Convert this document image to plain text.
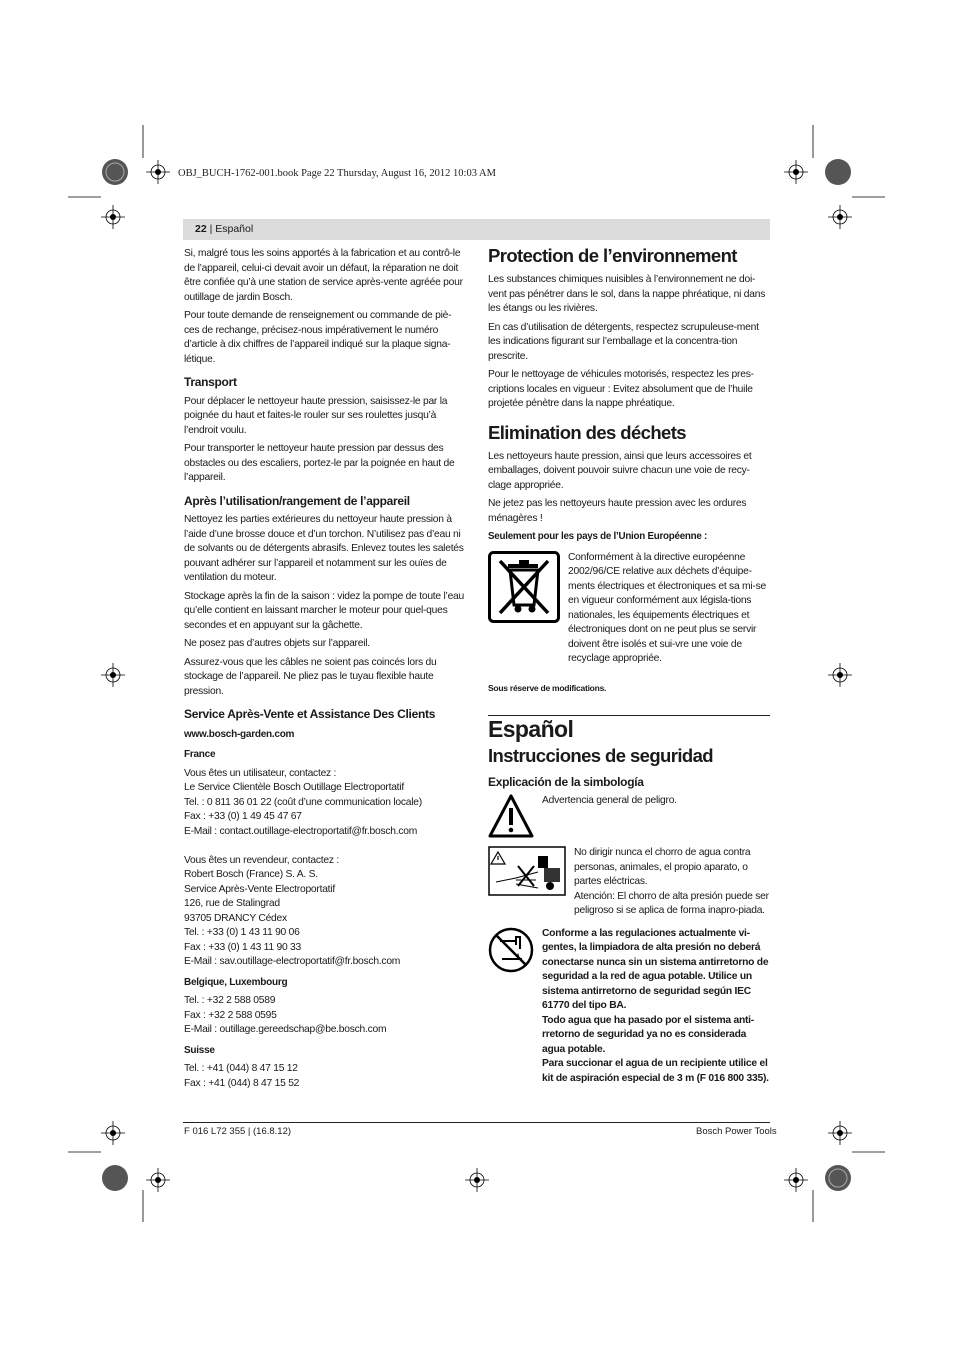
OBJ_BUCH-1762-001.book Page 22 Thursday, August 16, 2012 10:03 AM
22 | Español

Si, malgré tous les soins apportés à la fabrication et au contrô-le de l’appareil, celui-ci devait avoir un défaut, la réparation ne doit être confiée qu’à une station de service après-vente agréée pour outillage de jardin Bosch.

Pour toute demande de renseignement ou commande de piè-ces de rechange, précisez-nous impérativement le numéro d’article à dix chiffres de l’appareil indiqué sur la plaque signa-létique.

Transport

Pour déplacer le nettoyeur haute pression, saisissez-le par la poignée du haut et faites-le rouler sur ses roulettes jusqu’à l’endroit voulu.

Pour transporter le nettoyeur haute pression par dessus des obstacles ou des escaliers, portez-le par la poignée en haut de l’appareil.

Après l’utilisation/rangement de l’appareil

Nettoyez les parties extérieures du nettoyeur haute pression à l’aide d’une brosse douce et d’un torchon. N’utilisez pas d’eau ni de solvants ou de détergents abrasifs. Enlevez toutes les saletés pouvant adhérer sur l’appareil et notamment sur les ouïes de ventilation du moteur.

Stockage après la fin de la saison : videz la pompe de toute l’eau qu’elle contient en laissant marcher le moteur pour quel-ques secondes et en appuyant sur la gâchette.

Ne posez pas d’autres objets sur l’appareil.

Assurez-vous que les câbles ne soient pas coincés lors du stockage de l’appareil. Ne pliez pas le tuyau flexible haute pression.

Service Après-Vente et Assistance Des Clients
www.bosch-garden.com
France
Vous êtes un utilisateur, contactez :
Le Service Clientèle Bosch Outillage Electroportatif
Tel. : 0 811 36 01 22 (coût d’une communication locale)
Fax : +33 (0) 1 49 45 47 67
E-Mail : contact.outillage-electroportatif@fr.bosch.com
Vous êtes un revendeur, contactez :
Robert Bosch (France) S. A. S.
Service Après-Vente Electroportatif
126, rue de Stalingrad
93705 DRANCY Cédex
Tel. : +33 (0) 1 43 11 90 06
Fax : +33 (0) 1 43 11 90 33
E-Mail : sav.outillage-electroportatif@fr.bosch.com
Belgique, Luxembourg
Tel. : +32 2 588 0589
Fax : +32 2 588 0595
E-Mail : outillage.gereedschap@be.bosch.com
Suisse
Tel. : +41 (044) 8 47 15 12
Fax : +41 (044) 8 47 15 52
Protection de l’environnement

Les substances chimiques nuisibles à l’environnement ne doi-vent pas pénétrer dans le sol, dans la nappe phréatique, ni dans les étangs ou les rivières.

En cas d’utilisation de détergents, respectez scrupuleuse-ment les indications figurant sur l’emballage et la concentra-tion prescrite.

Pour le nettoyage de véhicules motorisés, respectez les pres-criptions locales en vigueur : Evitez absolument que de l’huile projetée pénètre dans la nappe phréatique.

Elimination des déchets

Les nettoyeurs haute pression, ainsi que leurs accessoires et emballages, doivent pouvoir suivre chacun une voie de recy-clage appropriée.

Ne jetez pas les nettoyeurs haute pression avec les ordures ménagères !

Seulement pour les pays de l’Union Européenne :
Conformément à la directive européenne 2002/96/CE relative aux déchets d’équipe-ments électriques et électroniques et sa mi-se en vigueur conformément aux législa-tions nationales, les équipements électriques et électroniques dont on ne peut plus se servir doivent être isolés et sui-vre une voie de recyclage appropriée.
Sous réserve de modifications.
Español
Instrucciones de seguridad
Explicación de la simbología
Advertencia general de peligro.
No dirigir nunca el chorro de agua contra personas, animales, el propio aparato, o partes eléctricas.
Atención: El chorro de alta presión puede ser peligroso si se aplica de forma inapro-piada.
Conforme a las regulaciones actualmente vi-gentes, la limpiadora de alta presión no deberá conectarse nunca sin un sistema antirretorno de seguridad a la red de agua potable. Utilice un sistema antirretorno de seguridad según IEC 61770 del tipo BA.
Todo agua que ha pasado por el sistema anti-rretorno de seguridad ya no es considerada agua potable.
Para succionar el agua de un recipiente utilice el kit de aspiración especial de 3 m (F 016 800 335).
F 016 L72 355 | (16.8.12)	Bosch Power Tools
